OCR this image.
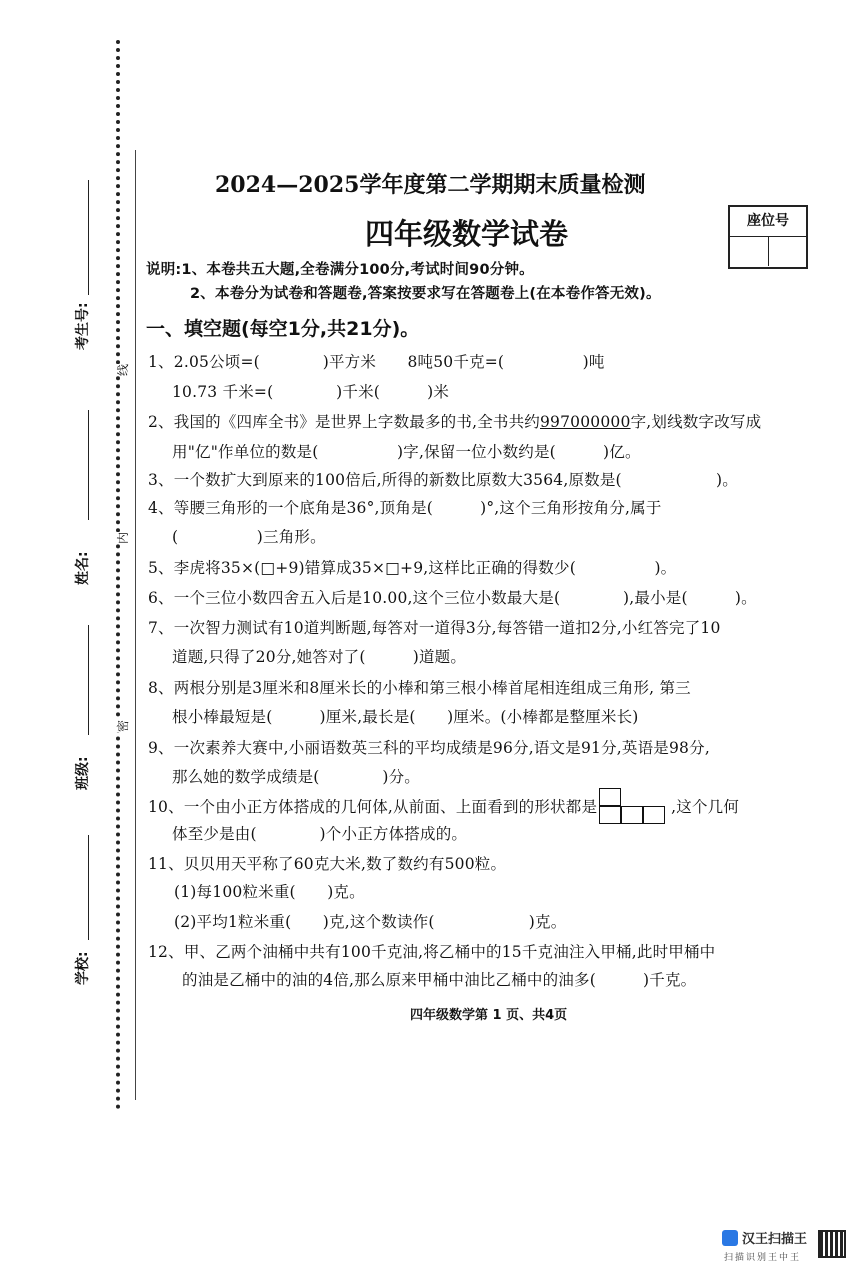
考生号:
姓名:
班级:
学校:
线
内
密
2024—2025学年度第二学期期末质量检测
四年级数学试卷	座位号
说明:1、本卷共五大题,全卷满分100分,考试时间90分钟。
2、本卷分为试卷和答题卷,答案按要求写在答题卷上(在本卷作答无效)。
一、填空题(每空1分,共21分)。
1、2.05公顷=(　　　　)平方米　　8吨50千克=(　　　　　)吨
10.73 千米=(　　　　)千米(　　　)米
2、我国的《四库全书》是世界上字数最多的书,全书共约997000000字,划线数字改写成
用"亿"作单位的数是(　　　　　)字,保留一位小数约是(　　　)亿。
3、一个数扩大到原来的100倍后,所得的新数比原数大3564,原数是(　　　　　　)。
4、等腰三角形的一个底角是36°,顶角是(　　　)°,这个三角形按角分,属于
(　　　　　)三角形。
5、李虎将35×(□+9)错算成35×□+9,这样比正确的得数少(　　　　　)。
6、一个三位小数四舍五入后是10.00,这个三位小数最大是(　　　　),最小是(　　　)。
7、一次智力测试有10道判断题,每答对一道得3分,每答错一道扣2分,小红答完了10
道题,只得了20分,她答对了(　　　)道题。
8、两根分别是3厘米和8厘米长的小棒和第三根小棒首尾相连组成三角形, 第三
根小棒最短是(　　　)厘米,最长是(　　)厘米。(小棒都是整厘米长)
9、一次素养大赛中,小丽语数英三科的平均成绩是96分,语文是91分,英语是98分,
那么她的数学成绩是(　　　　)分。
10、一个由小正方体搭成的几何体,从前面、上面看到的形状都是	,这个几何
体至少是由(　　　　)个小正方体搭成的。
11、贝贝用天平称了60克大米,数了数约有500粒。
(1)每100粒米重(　　)克。
(2)平均1粒米重(　　)克,这个数读作(　　　　　　)克。
12、甲、乙两个油桶中共有100千克油,将乙桶中的15千克油注入甲桶,此时甲桶中
的油是乙桶中的油的4倍,那么原来甲桶中油比乙桶中的油多(　　　)千克。
四年级数学第 1 页、共4页
汉王扫描王
扫描识别王中王
